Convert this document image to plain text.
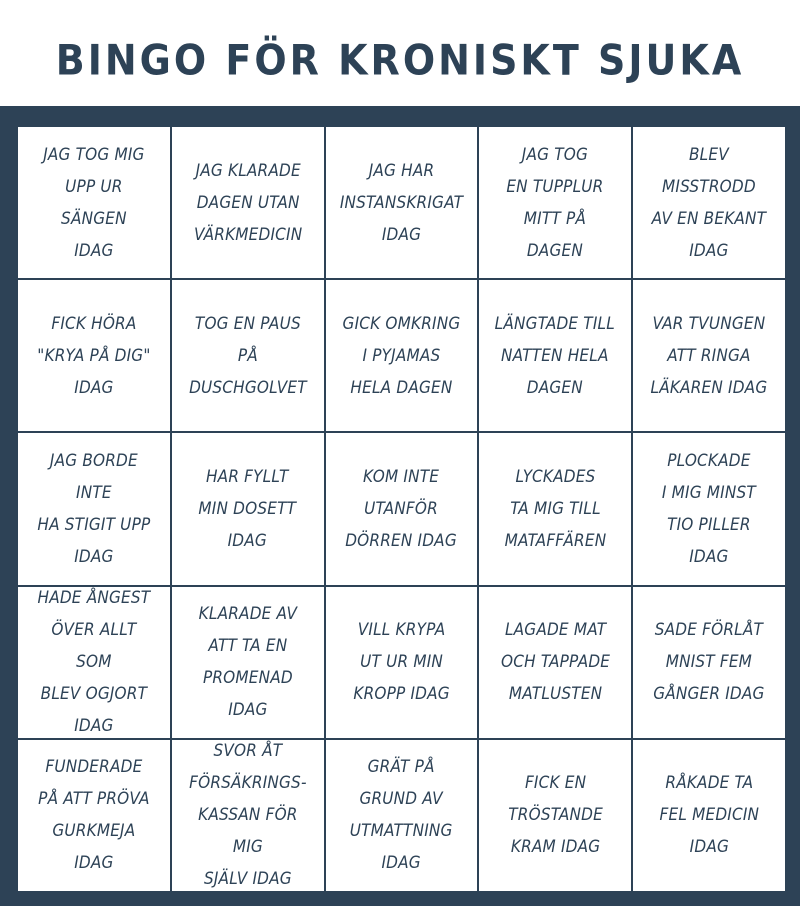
BINGO FÖR KRONISKT SJUKA
JAG TOG MIG
UPP UR SÄNGEN
IDAG
JAG KLARADE
DAGEN UTAN
VÄRKMEDICIN
JAG HAR
INSTANSKRIGAT
IDAG
JAG TOG
EN TUPPLUR
MITT PÅ DAGEN
BLEV MISSTRODD
AV EN BEKANT
IDAG
FICK HÖRA
"KRYA PÅ DIG"
IDAG
TOG EN PAUS
PÅ DUSCHGOLVET
GICK OMKRING
I PYJAMAS
HELA DAGEN
LÄNGTADE TILL
NATTEN HELA
DAGEN
VAR TVUNGEN
ATT RINGA
LÄKAREN IDAG
JAG BORDE INTE
HA STIGIT UPP
IDAG
HAR FYLLT
MIN DOSETT
IDAG
KOM INTE
UTANFÖR
DÖRREN IDAG
LYCKADES
TA MIG TILL
MATAFFÄREN
PLOCKADE
I MIG MINST
TIO PILLER IDAG
HADE ÅNGEST
ÖVER ALLT SOM
BLEV OGJORT
IDAG
KLARADE AV
ATT TA EN
PROMENAD IDAG
VILL KRYPA
UT UR MIN
KROPP IDAG
LAGADE MAT
OCH TAPPADE
MATLUSTEN
SADE FÖRLÅT
MNIST FEM
GÅNGER IDAG
FUNDERADE
PÅ ATT PRÖVA
GURKMEJA IDAG
SVOR ÅT
FÖRSÄKRINGS-
KASSAN FÖR MIG
SJÄLV IDAG
GRÄT PÅ
GRUND AV
UTMATTNING
IDAG
FICK EN
TRÖSTANDE
KRAM IDAG
RÅKADE TA
FEL MEDICIN
IDAG
